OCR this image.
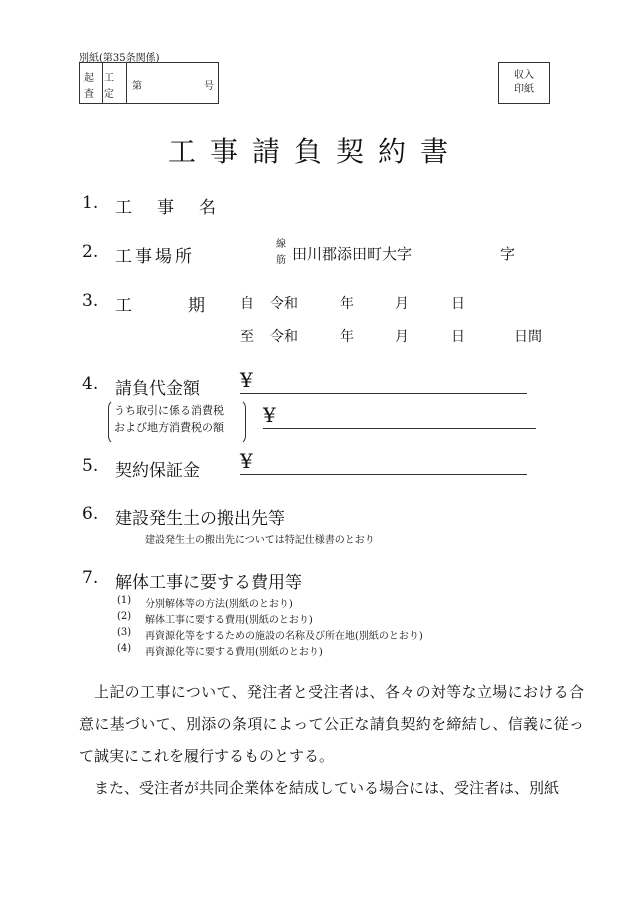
別紙(第35条関係)
起　工
査　定
第	号
収入
印紙
工事請負契約書
1. 工　事　名
2. 工事場所
線
筋 田川郡添田町大字	字
3. 工	期	自 令和	年	月	日
至 令和	年	月	日	日間
4. 請負代金額 ¥
うち取引に係る消費税
および地方消費税の額
¥
5. 契約保証金 ¥
6. 建設発生土の搬出先等
建設発生土の搬出先については特記仕様書のとおり
7. 解体工事に要する費用等
(1) 分別解体等の方法(別紙のとおり)
(2) 解体工事に要する費用(別紙のとおり)
(3) 再資源化等をするための施設の名称及び所在地(別紙のとおり)
(4) 再資源化等に要する費用(別紙のとおり)
上記の工事について、発注者と受注者は、各々の対等な立場における合意に基づいて、別添の条項によって公正な請負契約を締結し、信義に従って誠実にこれを履行するものとする。
また、受注者が共同企業体を結成している場合には、受注者は、別紙
